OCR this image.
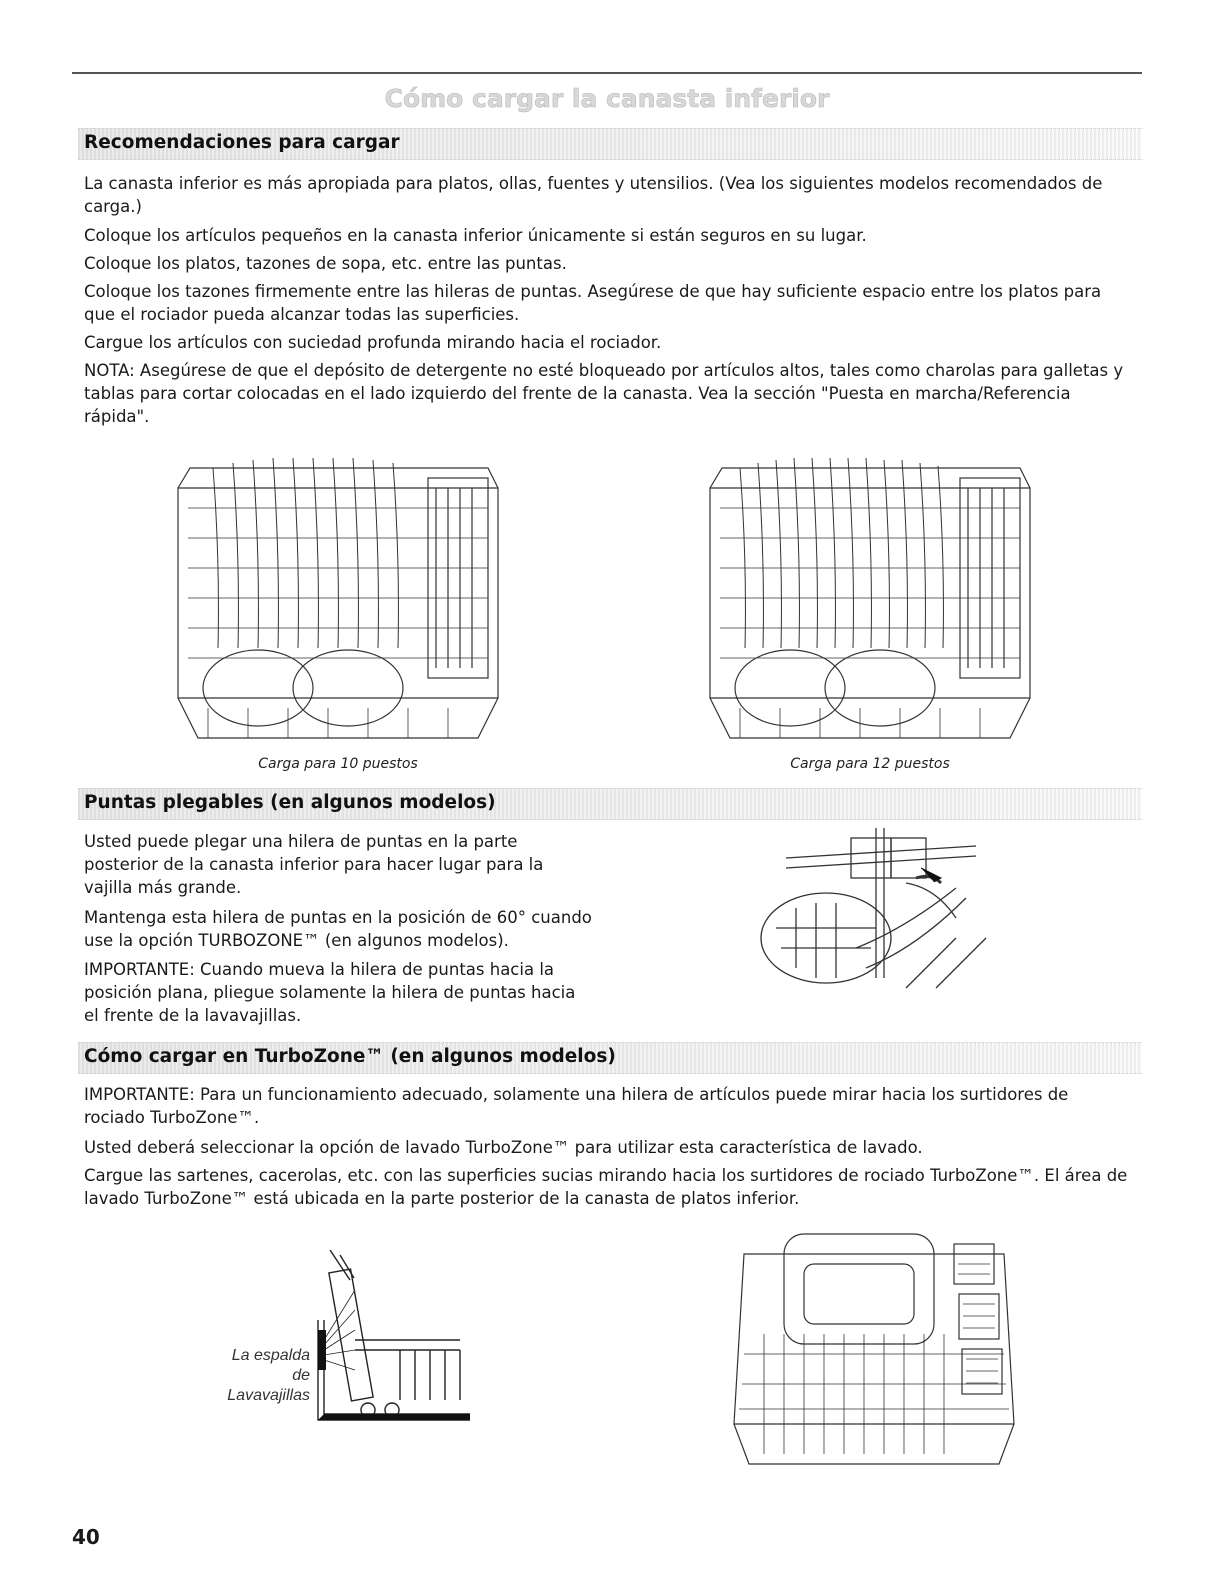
Cómo cargar la canasta inferior
Recomendaciones para cargar

La canasta inferior es más apropiada para platos, ollas, fuentes y utensilios. (Vea los siguientes modelos recomendados de carga.)

Coloque los artículos pequeños en la canasta inferior únicamente si están seguros en su lugar.

Coloque los platos, tazones de sopa, etc. entre las puntas.

Coloque los tazones firmemente entre las hileras de puntas. Asegúrese de que hay suficiente espacio entre los platos para que el rociador pueda alcanzar todas las superficies.

Cargue los artículos con suciedad profunda mirando hacia el rociador.

NOTA: Asegúrese de que el depósito de detergente no esté bloqueado por artículos altos, tales como charolas para galletas y tablas para cortar colocadas en el lado izquierdo del frente de la canasta. Vea la sección "Puesta en marcha/Referencia rápida".

Carga para 10 puestos	Carga para 12 puestos
Puntas plegables (en algunos modelos)

Usted puede plegar una hilera de puntas en la parte posterior de la canasta inferior para hacer lugar para la vajilla más grande.

Mantenga esta hilera de puntas en la posición de 60° cuando use la opción TURBOZONE™ (en algunos modelos).

IMPORTANTE: Cuando mueva la hilera de puntas hacia la posición plana, pliegue solamente la hilera de puntas hacia el frente de la lavavajillas.

Cómo cargar en TurboZone™ (en algunos modelos)

IMPORTANTE: Para un funcionamiento adecuado, solamente una hilera de artículos puede mirar hacia los surtidores de rociado TurboZone™.

Usted deberá seleccionar la opción de lavado TurboZone™ para utilizar esta característica de lavado.

Cargue las sartenes, cacerolas, etc. con las superficies sucias mirando hacia los surtidores de rociado TurboZone™. El área de lavado TurboZone™ está ubicada en la parte posterior de la canasta de platos inferior.

La espalda
de
Lavavajillas
40
